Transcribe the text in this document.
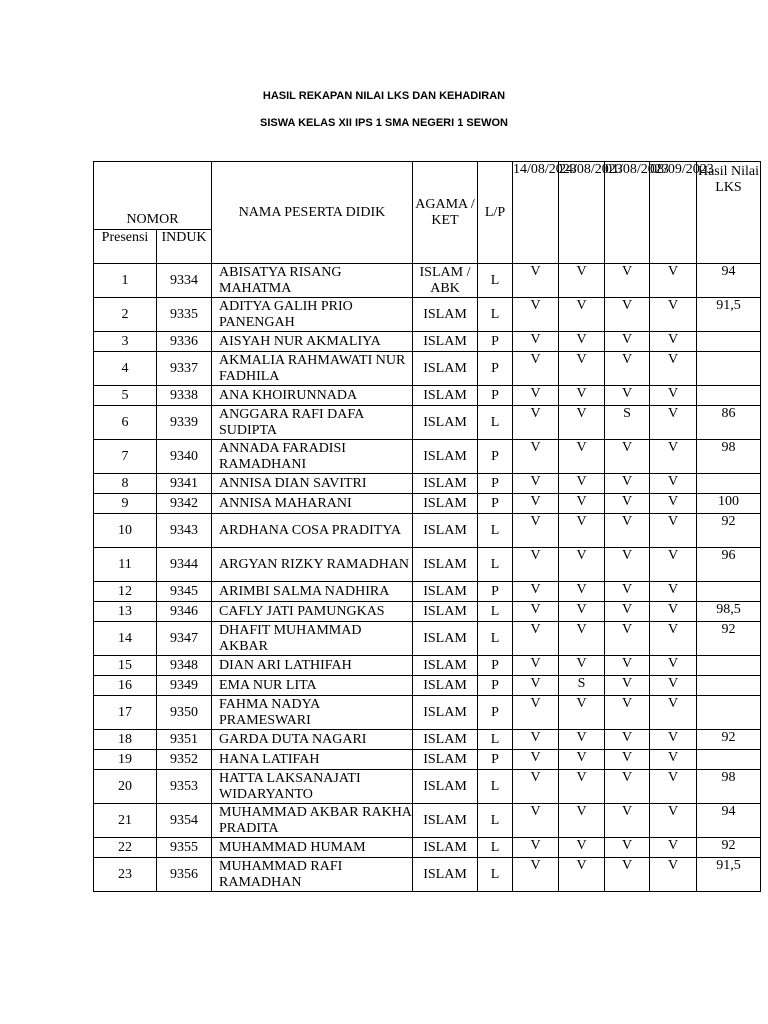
HASIL REKAPAN NILAI LKS DAN KEHADIRAN
SISWA KELAS XII IPS 1 SMA NEGERI 1 SEWON
NOMOR		NAMA PESERTA DIDIK	AGAMA / KET	L/P	14/08/2023	24/08/2023	01/08/2023	08/09/2023	Hasil Nilai LKS
Presensi	INDUK								
1	9334	ABISATYA RISANG MAHATMA	ISLAM / ABK	L	V	V	V	V	94
2	9335	ADITYA GALIH PRIO PANENGAH	ISLAM	L	V	V	V	V	91,5
3	9336	AISYAH NUR AKMALIYA	ISLAM	P	V	V	V	V	
4	9337	AKMALIA RAHMAWATI NUR FADHILA	ISLAM	P	V	V	V	V	
5	9338	ANA KHOIRUNNADA	ISLAM	P	V	V	V	V	
6	9339	ANGGARA RAFI DAFA SUDIPTA	ISLAM	L	V	V	S	V	86
7	9340	ANNADA FARADISI RAMADHANI	ISLAM	P	V	V	V	V	98
8	9341	ANNISA DIAN SAVITRI	ISLAM	P	V	V	V	V	
9	9342	ANNISA MAHARANI	ISLAM	P	V	V	V	V	100
10	9343	ARDHANA COSA PRADITYA	ISLAM	L	V	V	V	V	92
11	9344	ARGYAN RIZKY RAMADHAN	ISLAM	L	V	V	V	V	96
12	9345	ARIMBI SALMA NADHIRA	ISLAM	P	V	V	V	V	
13	9346	CAFLY JATI PAMUNGKAS	ISLAM	L	V	V	V	V	98,5
14	9347	DHAFIT MUHAMMAD AKBAR	ISLAM	L	V	V	V	V	92
15	9348	DIAN ARI LATHIFAH	ISLAM	P	V	V	V	V	
16	9349	EMA NUR LITA	ISLAM	P	V	S	V	V	
17	9350	FAHMA NADYA PRAMESWARI	ISLAM	P	V	V	V	V	
18	9351	GARDA DUTA NAGARI	ISLAM	L	V	V	V	V	92
19	9352	HANA LATIFAH	ISLAM	P	V	V	V	V	
20	9353	HATTA LAKSANAJATI WIDARYANTO	ISLAM	L	V	V	V	V	98
21	9354	MUHAMMAD AKBAR RAKHA PRADITA	ISLAM	L	V	V	V	V	94
22	9355	MUHAMMAD HUMAM	ISLAM	L	V	V	V	V	92
23	9356	MUHAMMAD RAFI RAMADHAN	ISLAM	L	V	V	V	V	91,5
